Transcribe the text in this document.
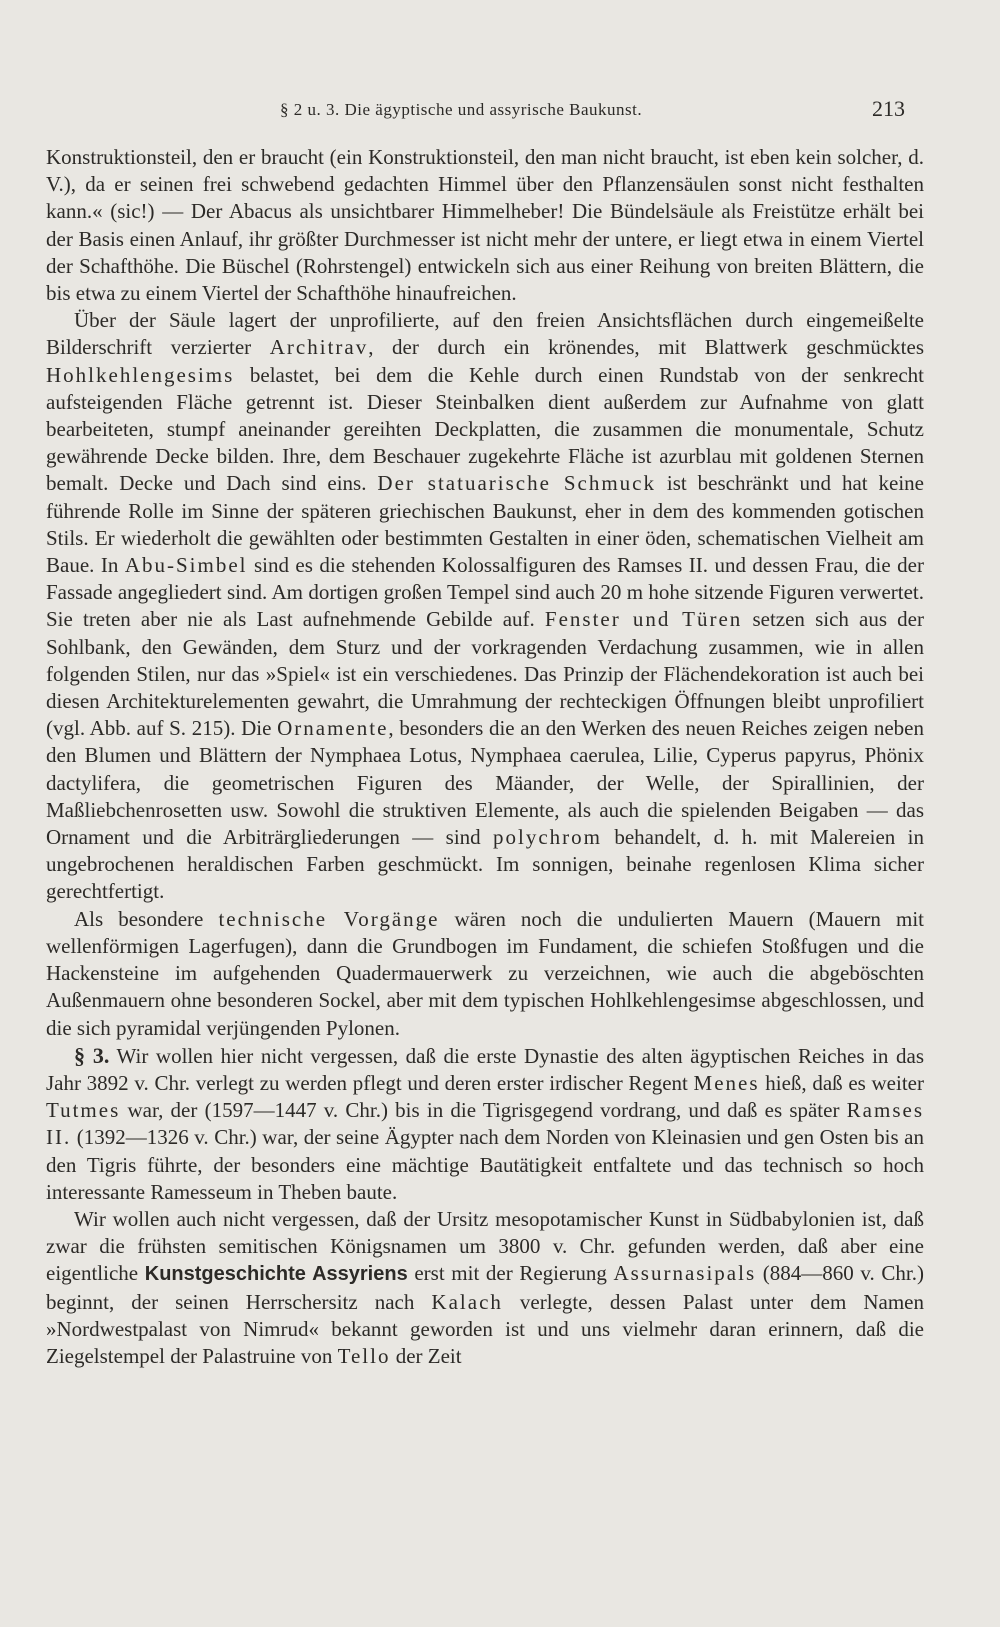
§ 2 u. 3. Die ägyptische und assyrische Baukunst.	213

Konstruktionsteil, den er braucht (ein Konstruktionsteil, den man nicht braucht, ist eben kein solcher, d. V.), da er seinen frei schwebend gedachten Himmel über den Pflanzensäulen sonst nicht festhalten kann.« (sic!) — Der Abacus als unsichtbarer Himmelheber! Die Bündelsäule als Freistütze erhält bei der Basis einen Anlauf, ihr größter Durchmesser ist nicht mehr der untere, er liegt etwa in einem Viertel der Schafthöhe. Die Büschel (Rohrstengel) entwickeln sich aus einer Reihung von breiten Blättern, die bis etwa zu einem Viertel der Schafthöhe hinaufreichen.

Über der Säule lagert der unprofilierte, auf den freien Ansichtsflächen durch eingemeißelte Bilderschrift verzierter Architrav, der durch ein krönendes, mit Blattwerk geschmücktes Hohlkehlengesims belastet, bei dem die Kehle durch einen Rundstab von der senkrecht aufsteigenden Fläche getrennt ist. Dieser Steinbalken dient außerdem zur Aufnahme von glatt bearbeiteten, stumpf aneinander gereihten Deckplatten, die zusammen die monumentale, Schutz gewährende Decke bilden. Ihre, dem Beschauer zugekehrte Fläche ist azurblau mit goldenen Sternen bemalt. Decke und Dach sind eins. Der statuarische Schmuck ist beschränkt und hat keine führende Rolle im Sinne der späteren griechischen Baukunst, eher in dem des kommenden gotischen Stils. Er wiederholt die gewählten oder bestimmten Gestalten in einer öden, schematischen Vielheit am Baue. In Abu-Simbel sind es die stehenden Kolossalfiguren des Ramses II. und dessen Frau, die der Fassade angegliedert sind. Am dortigen großen Tempel sind auch 20 m hohe sitzende Figuren verwertet. Sie treten aber nie als Last aufnehmende Gebilde auf. Fenster und Türen setzen sich aus der Sohlbank, den Gewänden, dem Sturz und der vorkragenden Verdachung zusammen, wie in allen folgenden Stilen, nur das »Spiel« ist ein verschiedenes. Das Prinzip der Flächendekoration ist auch bei diesen Architekturelementen gewahrt, die Umrahmung der rechteckigen Öffnungen bleibt unprofiliert (vgl. Abb. auf S. 215). Die Ornamente, besonders die an den Werken des neuen Reiches zeigen neben den Blumen und Blättern der Nymphaea Lotus, Nymphaea caerulea, Lilie, Cyperus papyrus, Phönix dactylifera, die geometrischen Figuren des Mäander, der Welle, der Spirallinien, der Maßliebchenrosetten usw. Sowohl die struktiven Elemente, als auch die spielenden Beigaben — das Ornament und die Arbiträrgliederungen — sind polychrom behandelt, d. h. mit Malereien in ungebrochenen heraldischen Farben geschmückt. Im sonnigen, beinahe regenlosen Klima sicher gerechtfertigt.

Als besondere technische Vorgänge wären noch die undulierten Mauern (Mauern mit wellenförmigen Lagerfugen), dann die Grundbogen im Fundament, die schiefen Stoßfugen und die Hackensteine im aufgehenden Quadermauerwerk zu verzeichnen, wie auch die abgeböschten Außenmauern ohne besonderen Sockel, aber mit dem typischen Hohlkehlengesimse abgeschlossen, und die sich pyramidal verjüngenden Pylonen.

§ 3. Wir wollen hier nicht vergessen, daß die erste Dynastie des alten ägyptischen Reiches in das Jahr 3892 v. Chr. verlegt zu werden pflegt und deren erster irdischer Regent Menes hieß, daß es weiter Tutmes war, der (1597—1447 v. Chr.) bis in die Tigrisgegend vordrang, und daß es später Ramses II. (1392—1326 v. Chr.) war, der seine Ägypter nach dem Norden von Kleinasien und gen Osten bis an den Tigris führte, der besonders eine mächtige Bautätigkeit entfaltete und das technisch so hoch interessante Ramesseum in Theben baute.

Wir wollen auch nicht vergessen, daß der Ursitz mesopotamischer Kunst in Südbabylonien ist, daß zwar die frühsten semitischen Königsnamen um 3800 v. Chr. gefunden werden, daß aber eine eigentliche Kunstgeschichte Assyriens erst mit der Regierung Assurnasipals (884—860 v. Chr.) beginnt, der seinen Herrschersitz nach Kalach verlegte, dessen Palast unter dem Namen »Nordwestpalast von Nimrud« bekannt geworden ist und uns vielmehr daran erinnern, daß die Ziegelstempel der Palastruine von Tello der Zeit
